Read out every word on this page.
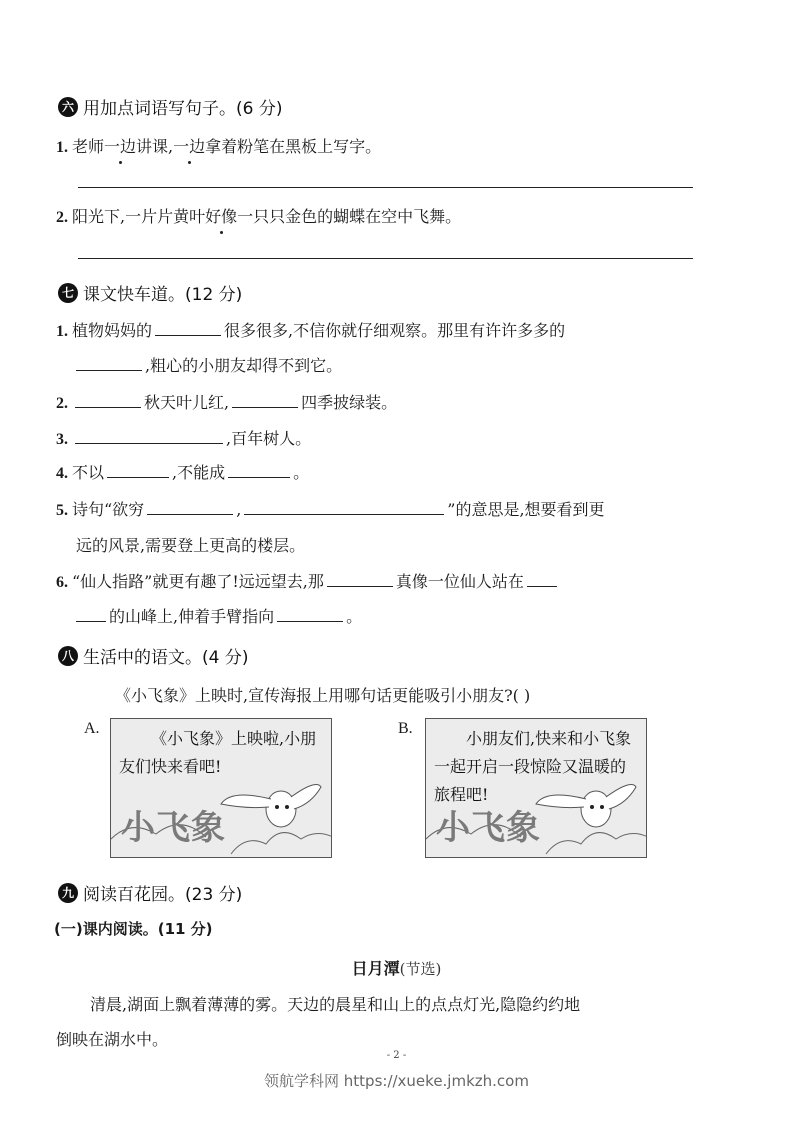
六 用加点词语写句子。(6 分)
1. 老师一边讲课,一边拿着粉笔在黑板上写字。
2. 阳光下,一片片黄叶好像一只只金色的蝴蝶在空中飞舞。
七 课文快车道。(12 分)
1. 植物妈妈的	很多很多,不信你就仔细观察。那里有许许多多的
,粗心的小朋友却得不到它。
2.	秋天叶儿红,	四季披绿装。
3.	,百年树人。
4. 不以	,不能成	。
5. 诗句“欲穷	,	”的意思是,想要看到更
远的风景,需要登上更高的楼层。
6. “仙人指路”就更有趣了!远远望去,那	真像一位仙人站在
的山峰上,伸着手臂指向	。
八 生活中的语文。(4 分)
《小飞象》上映时,宣传海报上用哪句话更能吸引小朋友?( )
A.
《小飞象》上映啦,小朋友们快来看吧!
小飞象
B.
小朋友们,快来和小飞象一起开启一段惊险又温暖的旅程吧!
小飞象
九 阅读百花园。(23 分)
(一)课内阅读。(11 分)
日月潭(节选)
清晨,湖面上飘着薄薄的雾。天边的晨星和山上的点点灯光,隐隐约约地
倒映在湖水中。
- 2 -
领航学科网 https://xueke.jmkzh.com
